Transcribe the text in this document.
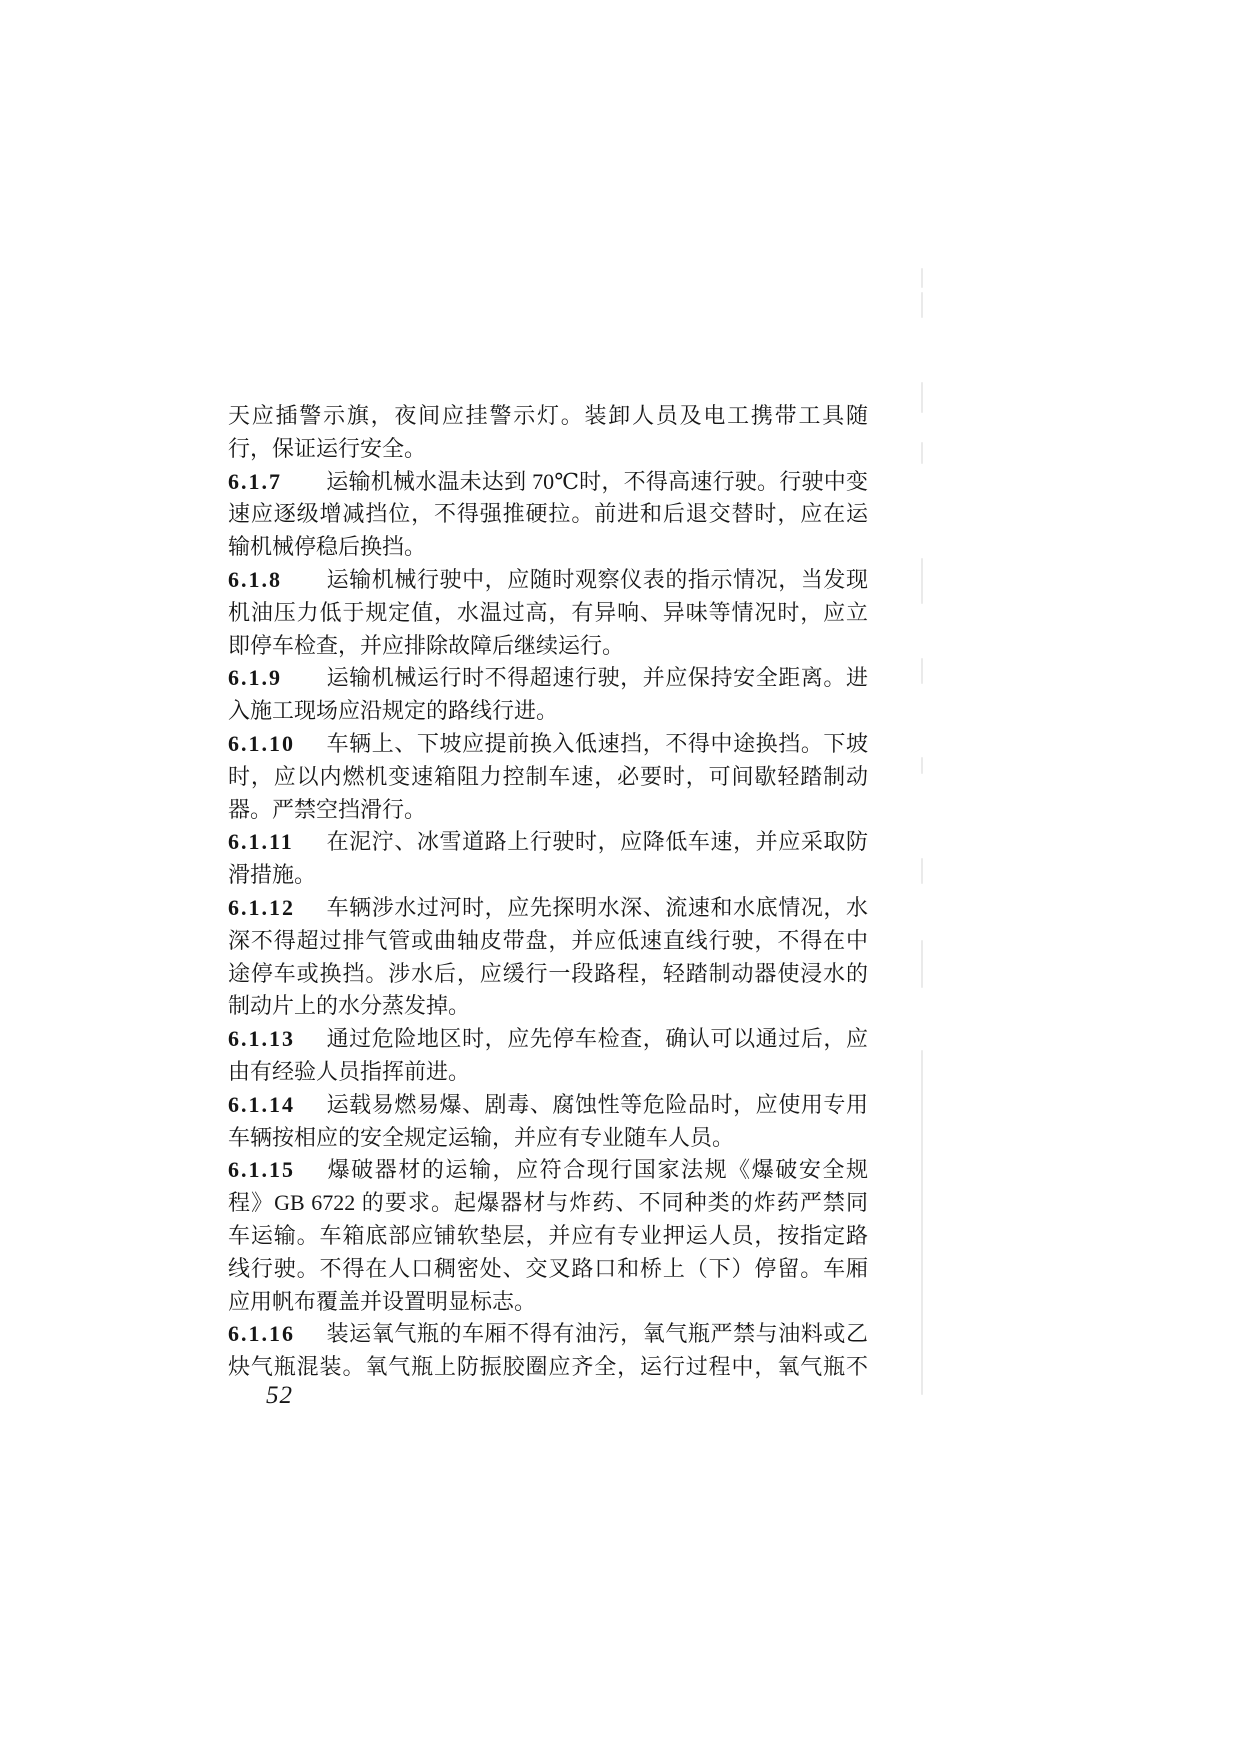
天应插警示旗，夜间应挂警示灯。装卸人员及电工携带工具随
行，保证运行安全。
6.1.7 运输机械水温未达到 70℃时，不得高速行驶。行驶中变
速应逐级增减挡位，不得强推硬拉。前进和后退交替时，应在运
输机械停稳后换挡。
6.1.8 运输机械行驶中，应随时观察仪表的指示情况，当发现
机油压力低于规定值，水温过高，有异响、异味等情况时，应立
即停车检查，并应排除故障后继续运行。
6.1.9 运输机械运行时不得超速行驶，并应保持安全距离。进
入施工现场应沿规定的路线行进。
6.1.10 车辆上、下坡应提前换入低速挡，不得中途换挡。下坡
时，应以内燃机变速箱阻力控制车速，必要时，可间歇轻踏制动
器。严禁空挡滑行。
6.1.11 在泥泞、冰雪道路上行驶时，应降低车速，并应采取防
滑措施。
6.1.12 车辆涉水过河时，应先探明水深、流速和水底情况，水
深不得超过排气管或曲轴皮带盘，并应低速直线行驶，不得在中
途停车或换挡。涉水后，应缓行一段路程，轻踏制动器使浸水的
制动片上的水分蒸发掉。
6.1.13 通过危险地区时，应先停车检查，确认可以通过后，应
由有经验人员指挥前进。
6.1.14 运载易燃易爆、剧毒、腐蚀性等危险品时，应使用专用
车辆按相应的安全规定运输，并应有专业随车人员。
6.1.15 爆破器材的运输，应符合现行国家法规《爆破安全规
程》GB 6722 的要求。起爆器材与炸药、不同种类的炸药严禁同
车运输。车箱底部应铺软垫层，并应有专业押运人员，按指定路
线行驶。不得在人口稠密处、交叉路口和桥上（下）停留。车厢
应用帆布覆盖并设置明显标志。
6.1.16 装运氧气瓶的车厢不得有油污，氧气瓶严禁与油料或乙
炔气瓶混装。氧气瓶上防振胶圈应齐全，运行过程中，氧气瓶不
52
